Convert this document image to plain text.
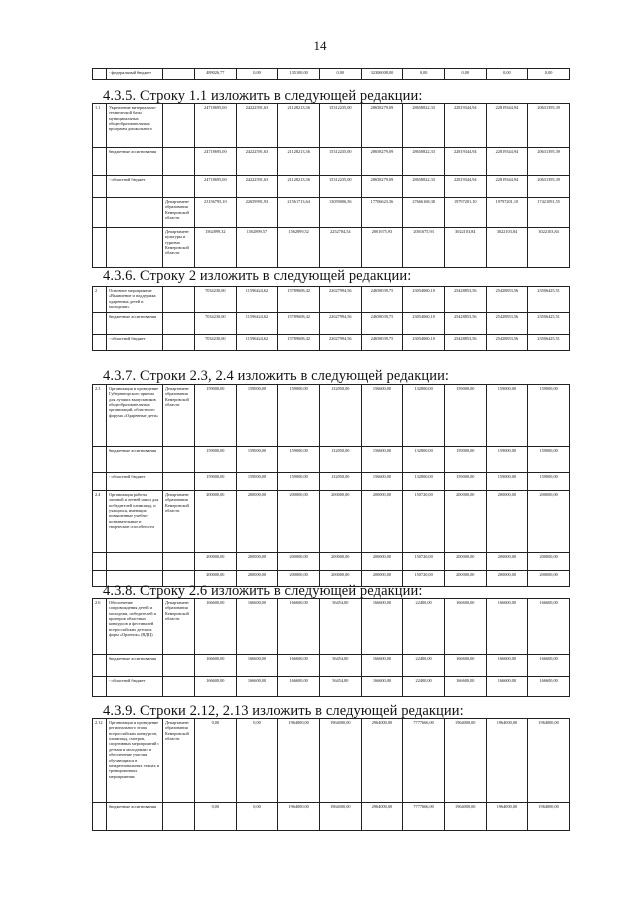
14
	- федеральный бюджет		489026,77	0,00	135100,00	0,00	32306008,00	0,00	0,00	0,00	0,00
4.3.5. Строку 1.1 изложить в следующей редакции:
1.1	Укрепление материально-технической базы муниципальных общеобразовательных программ дошкольного		24718695,00	24222591,63	21128213,36	15312235,00	28658279,09	28658822,33	22819344,94	22819344,94	20631395,39
	бюджетные ассигнования		24718695,00	24222591,63	21128213,36	15312235,00	28658279,09	28658822,33	22819344,94	22819344,94	20631395,39
	- областной бюджет		24718695,00	24222591,63	21128213,36	15312235,00	28658279,09	28658822,33	22819344,94	22819344,94	20631395,39
		Департамент образования Кемеровской области	23156795,10	22659991,93	21561713,64	13059006,56	17706623,36	27666168,38	19797201,10	19797201,10	17421091,55
		Департамент культуры и туризма Кемеровской области	1562899,32	1562899,57	1562899,52	2252784,54	2001675,93	2001675,93	3022103,84	3022103,84	3022103,84
4.3.6. Строку 2 изложить в следующей редакции:
2	Основное мероприятие «Выявление и поддержка одаренных детей и молодежи»		7034230,00	11596424,62	15789608,42	22627994,56	24658039,75	23054060,10	25428853,56	25428853,56	23506425,51
	бюджетные ассигнования		7034230,00	11596424,62	15789608,42	22627994,56	24658039,75	23054060,10	25428853,56	25428853,56	23506425,51
	- областной бюджет		7034230,00	11596424,62	15789608,42	22627994,56	24658039,75	23054060,10	25428853,56	25428853,56	23506425,51
4.3.7. Строки 2.3, 2.4 изложить в следующей редакции:
2.3	Организация и проведение Губернаторского приема для лучших выпускников общеобразовательных организаций, областного форума «Одаренные дети»	Департамент образования Кемеровской области	159000,00	159000,00	159000,00	132050,00	156600,00	132800,00	159000,00	159000,00	159000,00
	бюджетные ассигнования		159000,00	159000,00	159000,00	132050,00	156600,00	132800,00	159000,00	159000,00	159000,00
	- областной бюджет		159000,00	159000,00	159000,00	132050,00	156600,00	132800,00	159000,00	159000,00	159000,00
2.4	Организация работы заочной и летней школ для победителей олимпиад, и учащихся, имеющих повышенные учебно-познавательные и творческие способности	Департамент образования Кемеровской области	200000,00	200000,00	200000,00	200000,00	200000,00	150720,00	200000,00	200000,00	200000,00
			200000,00	200000,00	200000,00	200000,00	200000,00	150720,00	200000,00	200000,00	200000,00
			200000,00	200000,00	200000,00	200000,00	200000,00	150720,00	200000,00	200000,00	200000,00
4.3.8. Строку 2.6 изложить в следующей редакции:
2.6	Обеспечение сопровождения детей и молодежи, победителей и призеров областных конкурсов и фестивалей всероссийских детских форм «Орленок» (ВДЦ)	Департамент образования Кемеровской области	166600,00	166600,00	166600,00	56454,00	166600,00	22400,00	166600,00	166600,00	166600,00
	бюджетные ассигнования		166600,00	166600,00	166600,00	56454,00	166600,00	22400,00	166600,00	166600,00	166600,00
	- областной бюджет		166600,00	166600,00	166600,00	56454,00	166600,00	22400,00	166600,00	166600,00	166600,00
4.3.9. Строки 2.12, 2.13 изложить в следующей редакции:
2.12	Организация и проведение регионального этапа всероссийских конкурсов, олимпиад, смотров, спортивных мероприятий с детьми и молодежью и обеспечение участия обучающихся в межрегиональных этапах и тренировочных мероприятиях	Департамент образования Кемеровской области	0,00	0,00	1964000,00	1964000,00	2964000,00	7777666,00	1964000,00	1964000,00	1964000,00
	бюджетные ассигнования		0,00	0,00	1964000,00	1964000,00	2964000,00	7777666,00	1964000,00	1964000,00	1964000,00
